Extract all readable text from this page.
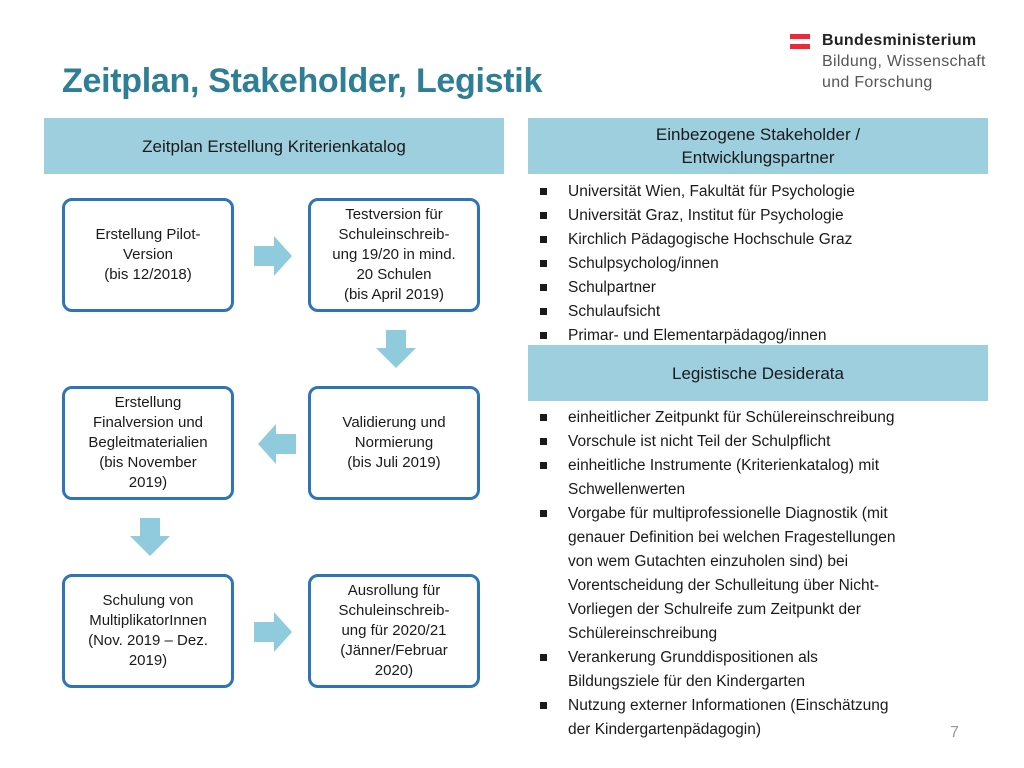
Zeitplan, Stakeholder, Legistik
Bundesministerium
Bildung, Wissenschaft
und Forschung
Zeitplan Erstellung Kriterienkatalog
Einbezogene Stakeholder /
Entwicklungspartner
Erstellung Pilot-
Version
(bis 12/2018)
Testversion für
Schuleinschreib-
ung 19/20 in mind.
20 Schulen
(bis April 2019)
Validierung und
Normierung
(bis Juli 2019)
Erstellung
Finalversion und
Begleitmaterialien
(bis November
2019)
Schulung von
MultiplikatorInnen
(Nov. 2019 – Dez.
2019)
Ausrollung für
Schuleinschreib-
ung für 2020/21
(Jänner/Februar
2020)
Universität Wien, Fakultät für Psychologie
Universität Graz, Institut für Psychologie
Kirchlich Pädagogische Hochschule Graz
Schulpsycholog/innen
Schulpartner
Schulaufsicht
Primar- und Elementarpädagog/innen
Legistische Desiderata
einheitlicher Zeitpunkt für Schülereinschreibung
Vorschule ist nicht Teil der Schulpflicht
einheitliche Instrumente (Kriterienkatalog) mit
Schwellenwerten
Vorgabe für multiprofessionelle Diagnostik (mit
genauer Definition bei welchen Fragestellungen
von wem Gutachten einzuholen sind) bei
Vorentscheidung der Schulleitung über Nicht-
Vorliegen der Schulreife zum Zeitpunkt der
Schülereinschreibung
Verankerung Grunddispositionen als
Bildungsziele für den Kindergarten
Nutzung externer Informationen (Einschätzung
der Kindergartenpädagogin)	7
